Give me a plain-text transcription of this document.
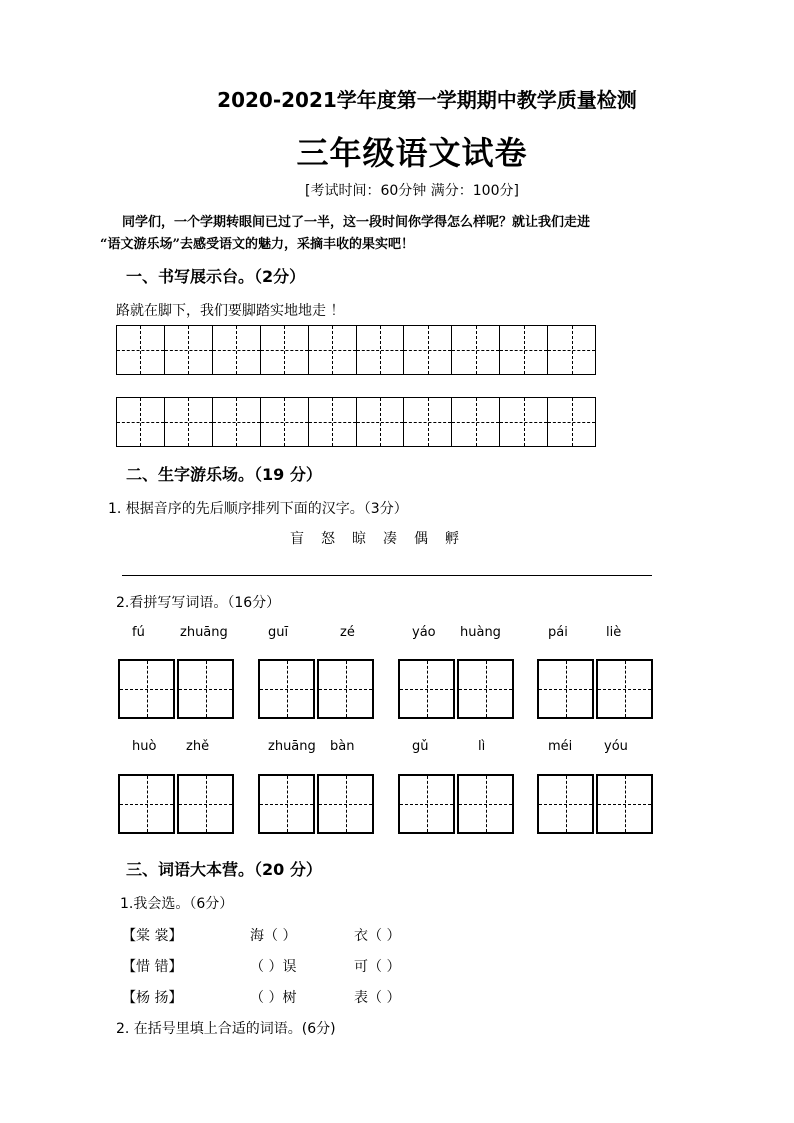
2020-2021学年度第一学期期中教学质量检测
三年级语文试卷
[考试时间：60分钟 满分：100分]

同学们，一个学期转眼间已过了一半，这一段时间你学得怎么样呢？就让我们走进

“语文游乐场”去感受语文的魅力，采摘丰收的果实吧！

一、书写展示台。（2分）
路就在脚下，我们要脚踏实地地走 ！
二、生字游乐场。（19 分）
1. 根据音序的先后顺序排列下面的汉字。（3分）
盲 怒 晾 凑 偶 孵
2.看拼写写词语。（16分）
fú	zhuāng	guī	zé	yáo huàng	pái	liè
huò zhě	zhuāng bàn	gǔ	lì	méi yóu
三、词语大本营。（20 分）
1.我会选。（6分）
【棠 裳】	海（ ）	衣（ ）
【惜 错】	（ ）误	可（ ）
【杨 扬】	（ ）树	表（ ）
2. 在括号里填上合适的词语。(6分)
